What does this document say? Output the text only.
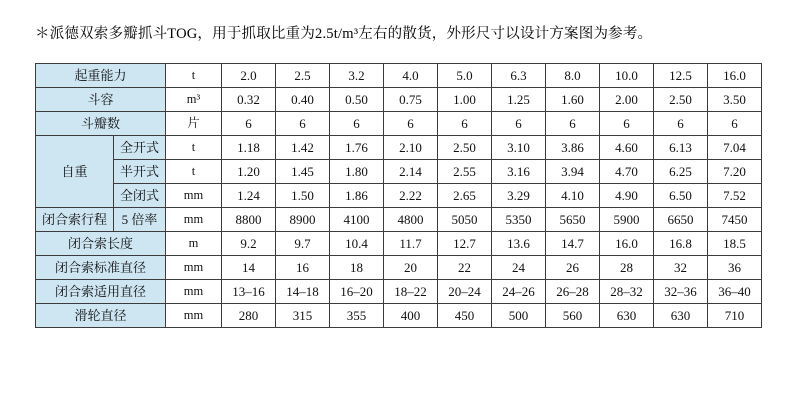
＊派德双索多瓣抓斗TOG，用于抓取比重为2.5t/m³左右的散货，外形尺寸以设计方案图为参考。

起重能力		t	2.0	2.5	3.2	4.0	5.0	6.3	8.0	10.0	12.5	16.0
斗容		m³	0.32	0.40	0.50	0.75	1.00	1.25	1.60	2.00	2.50	3.50
斗瓣数		片	6	6	6	6	6	6	6	6	6	6
自重	全开式	t	1.18	1.42	1.76	2.10	2.50	3.10	3.86	4.60	6.13	7.04
	半开式	t	1.20	1.45	1.80	2.14	2.55	3.16	3.94	4.70	6.25	7.20
	全闭式	mm	1.24	1.50	1.86	2.22	2.65	3.29	4.10	4.90	6.50	7.52
闭合索行程	5 倍率	mm	8800	8900	4100	4800	5050	5350	5650	5900	6650	7450
闭合索长度		m	9.2	9.7	10.4	11.7	12.7	13.6	14.7	16.0	16.8	18.5
闭合索标准直径		mm	14	16	18	20	22	24	26	28	32	36
闭合索适用直径		mm	13–16	14–18	16–20	18–22	20–24	24–26	26–28	28–32	32–36	36–40
滑轮直径		mm	280	315	355	400	450	500	560	630	630	710
